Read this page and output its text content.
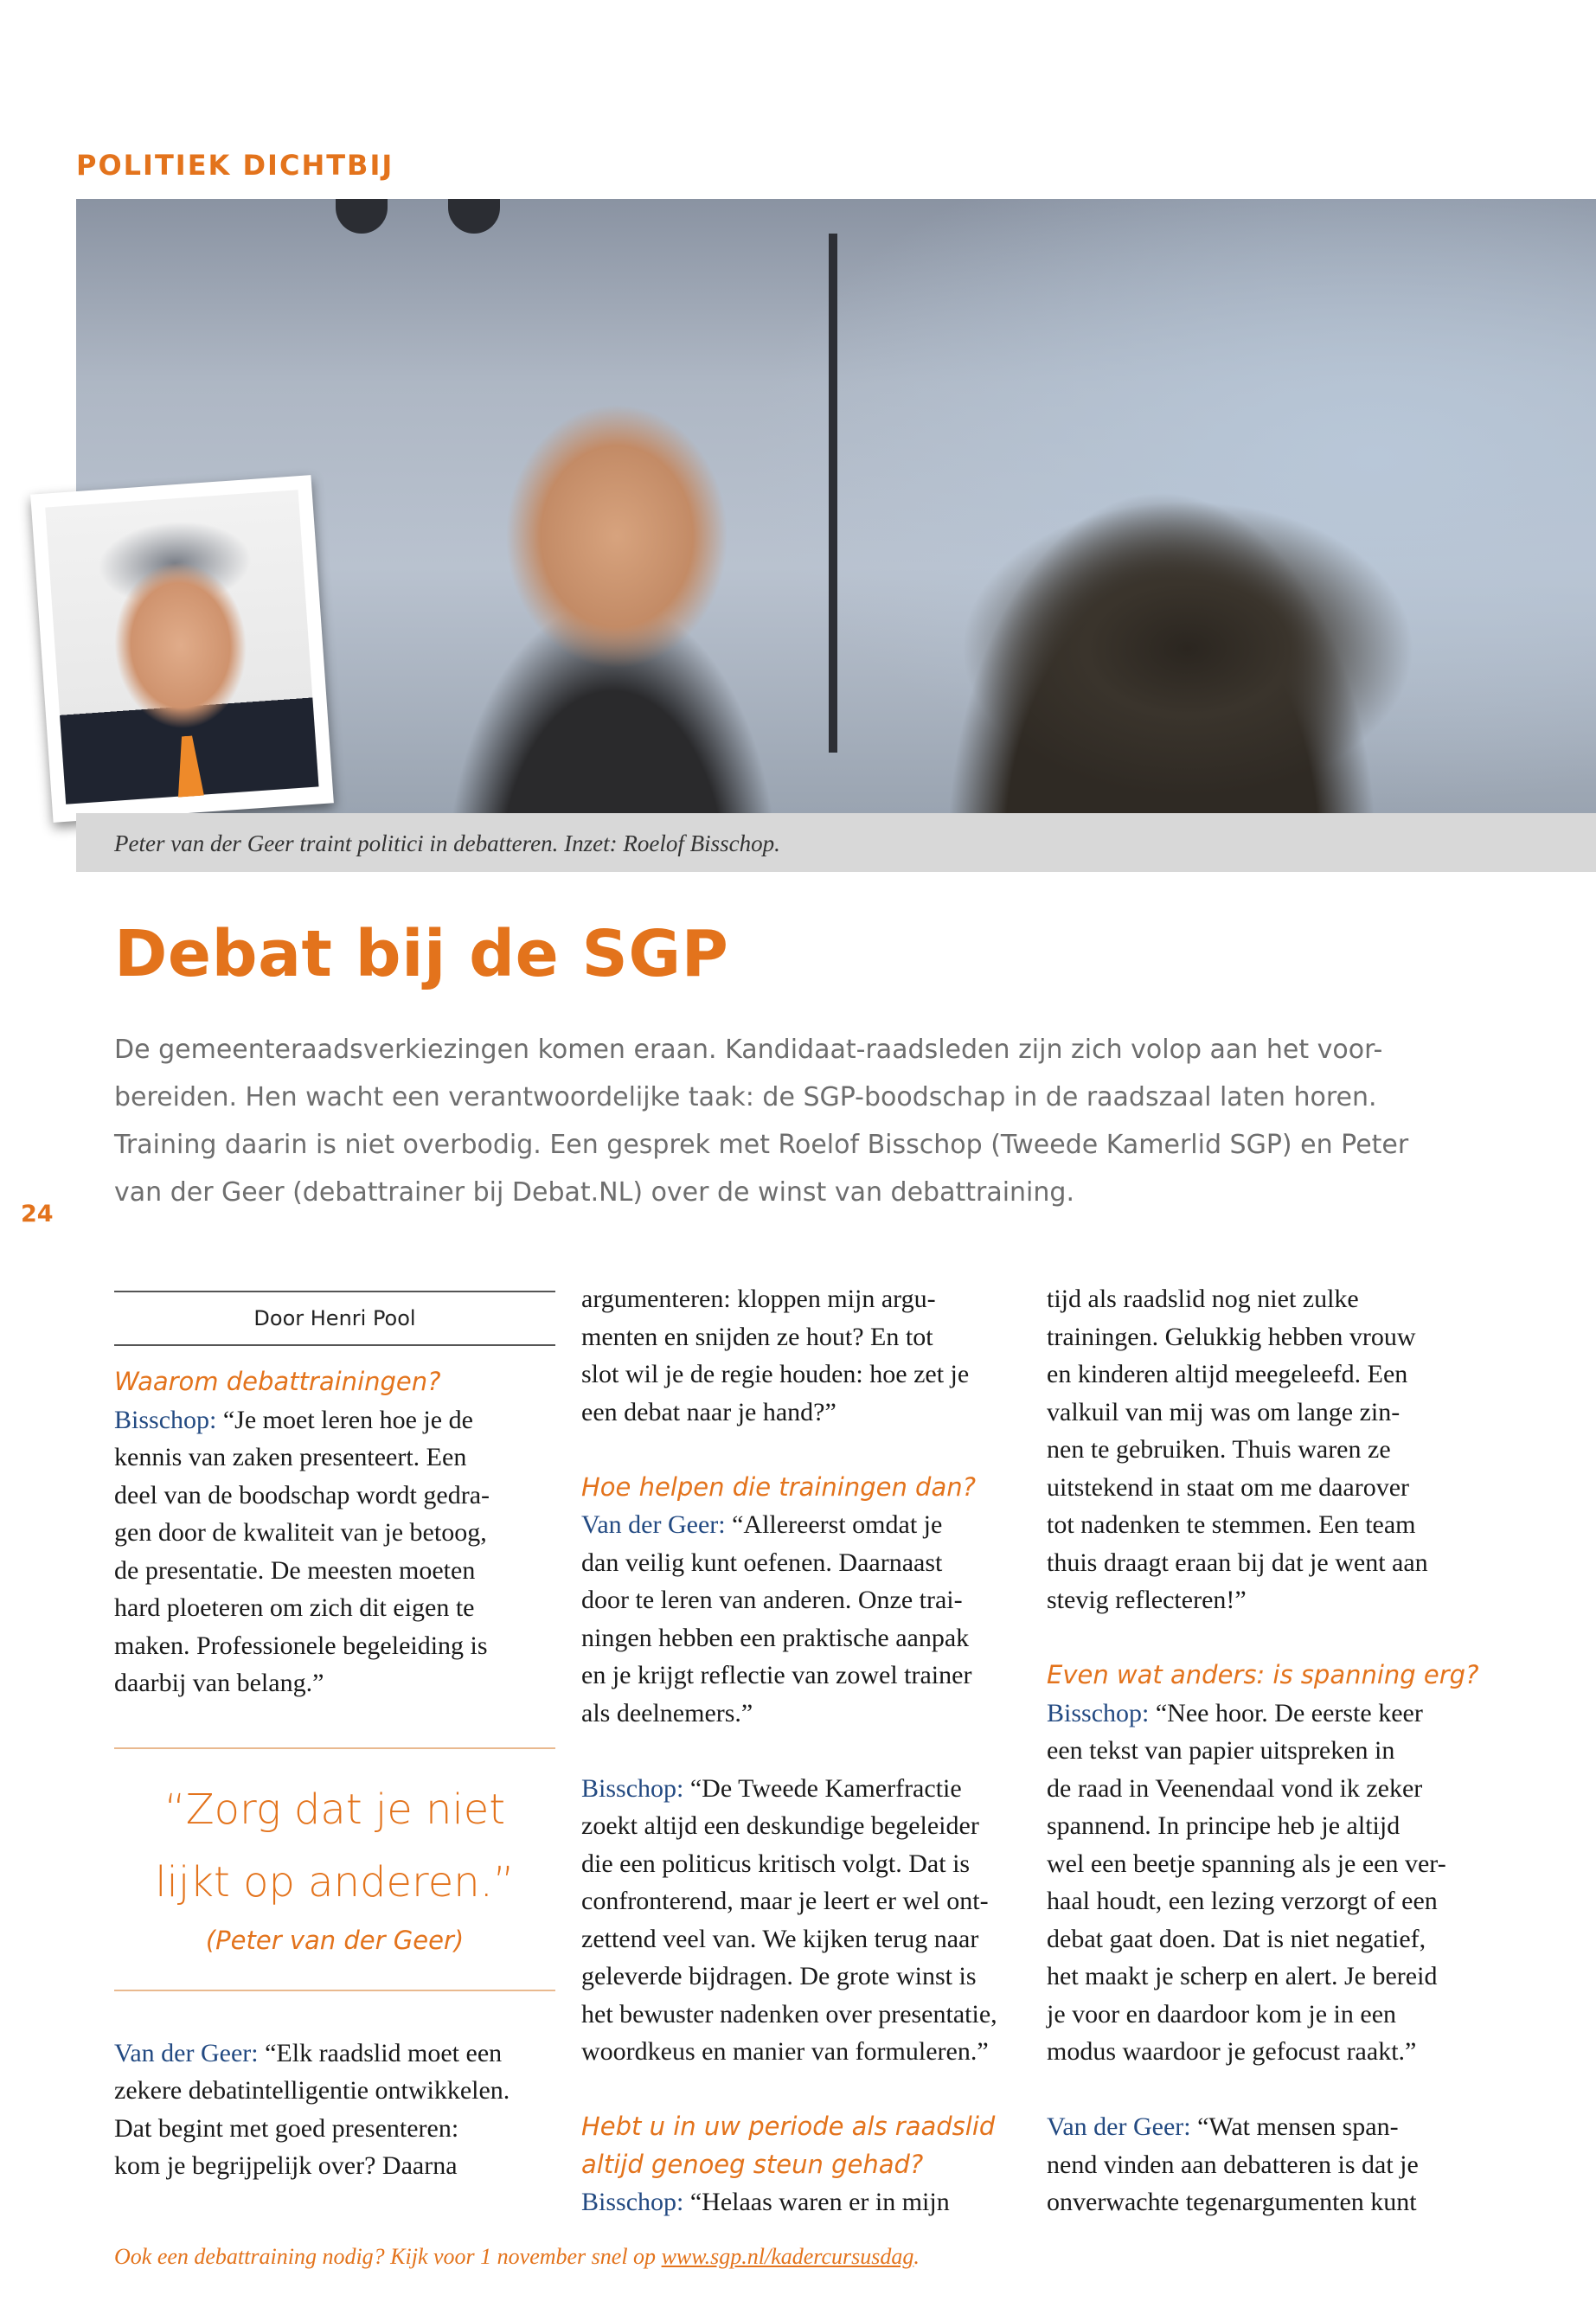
POLITIEK DICHTBIJ
Peter van der Geer traint politici in debatteren. Inzet: Roelof Bisschop.
Debat bij de SGP
De gemeenteraadsverkiezingen komen eraan. Kandidaat-raadsleden zijn zich volop aan het voor-
bereiden. Hen wacht een verantwoordelijke taak: de SGP-boodschap in de raadszaal laten horen.
Training daarin is niet overbodig. Een gesprek met Roelof Bisschop (Tweede Kamerlid SGP) en Peter
van der Geer (debattrainer bij Debat.NL) over de winst van debattraining.
24
Door Henri Pool
Waarom debattrainingen?
Bisschop: “Je moet leren hoe je de
kennis van zaken presenteert. Een
deel van de boodschap wordt gedra-
gen door de kwaliteit van je betoog,
de presentatie. De meesten moeten
hard ploeteren om zich dit eigen te
maken. Professionele begeleiding is
daarbij van belang.”
“Zorg dat je niet
lijkt op anderen.”
(Peter van der Geer)
Van der Geer: “Elk raadslid moet een
zekere debatintelligentie ontwikkelen.
Dat begint met goed presenteren:
kom je begrijpelijk over? Daarna
argumenteren: kloppen mijn argu-
menten en snijden ze hout? En tot
slot wil je de regie houden: hoe zet je
een debat naar je hand?”
Hoe helpen die trainingen dan?
Van der Geer: “Allereerst omdat je
dan veilig kunt oefenen. Daarnaast
door te leren van anderen. Onze trai-
ningen hebben een praktische aanpak
en je krijgt reflectie van zowel trainer
als deelnemers.”
Bisschop: “De Tweede Kamerfractie
zoekt altijd een deskundige begeleider
die een politicus kritisch volgt. Dat is
confronterend, maar je leert er wel ont-
zettend veel van. We kijken terug naar
geleverde bijdragen. De grote winst is
het bewuster nadenken over presentatie,
woordkeus en manier van formuleren.”
Hebt u in uw periode als raadslid
altijd genoeg steun gehad?
Bisschop: “Helaas waren er in mijn
tijd als raadslid nog niet zulke
trainingen. Gelukkig hebben vrouw
en kinderen altijd meegeleefd. Een
valkuil van mij was om lange zin-
nen te gebruiken. Thuis waren ze
uitstekend in staat om me daarover
tot nadenken te stemmen. Een team
thuis draagt eraan bij dat je went aan
stevig reflecteren!”
Even wat anders: is spanning erg?
Bisschop: “Nee hoor. De eerste keer
een tekst van papier uitspreken in
de raad in Veenendaal vond ik zeker
spannend. In principe heb je altijd
wel een beetje spanning als je een ver-
haal houdt, een lezing verzorgt of een
debat gaat doen. Dat is niet negatief,
het maakt je scherp en alert. Je bereid
je voor en daardoor kom je in een
modus waardoor je gefocust raakt.”
Van der Geer: “Wat mensen span-
nend vinden aan debatteren is dat je
onverwachte tegenargumenten kunt
Ook een debattraining nodig? Kijk voor 1 november snel op www.sgp.nl/kadercursusdag.
